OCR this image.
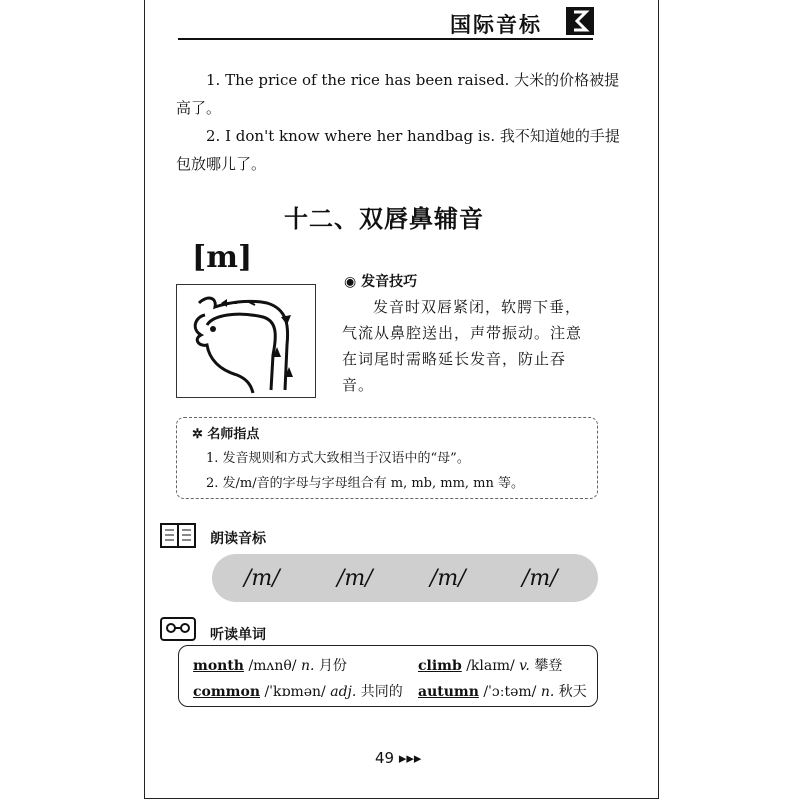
国际音标
1. The price of the rice has been raised. 大米的价格被提
高了。
2. I don't know where her handbag is. 我不知道她的手提
包放哪儿了。
十二、双唇鼻辅音
[m]
◉ 发音技巧
发音时双唇紧闭，软腭下垂，气流从鼻腔送出，声带振动。注意在词尾时需略延长发音，防止吞音。
✲ 名师指点
1. 发音规则和方式大致相当于汉语中的“母”。
2. 发/m/音的字母与字母组合有 m, mb, mm, mn 等。
朗读音标
/m/	/m/	/m/	/m/
听读单词
month /mʌnθ/ n. 月份	climb /klaɪm/ v. 攀登
common /ˈkɒmən/ adj. 共同的 autumn /ˈɔːtəm/ n. 秋天
49 ▸▸▸
